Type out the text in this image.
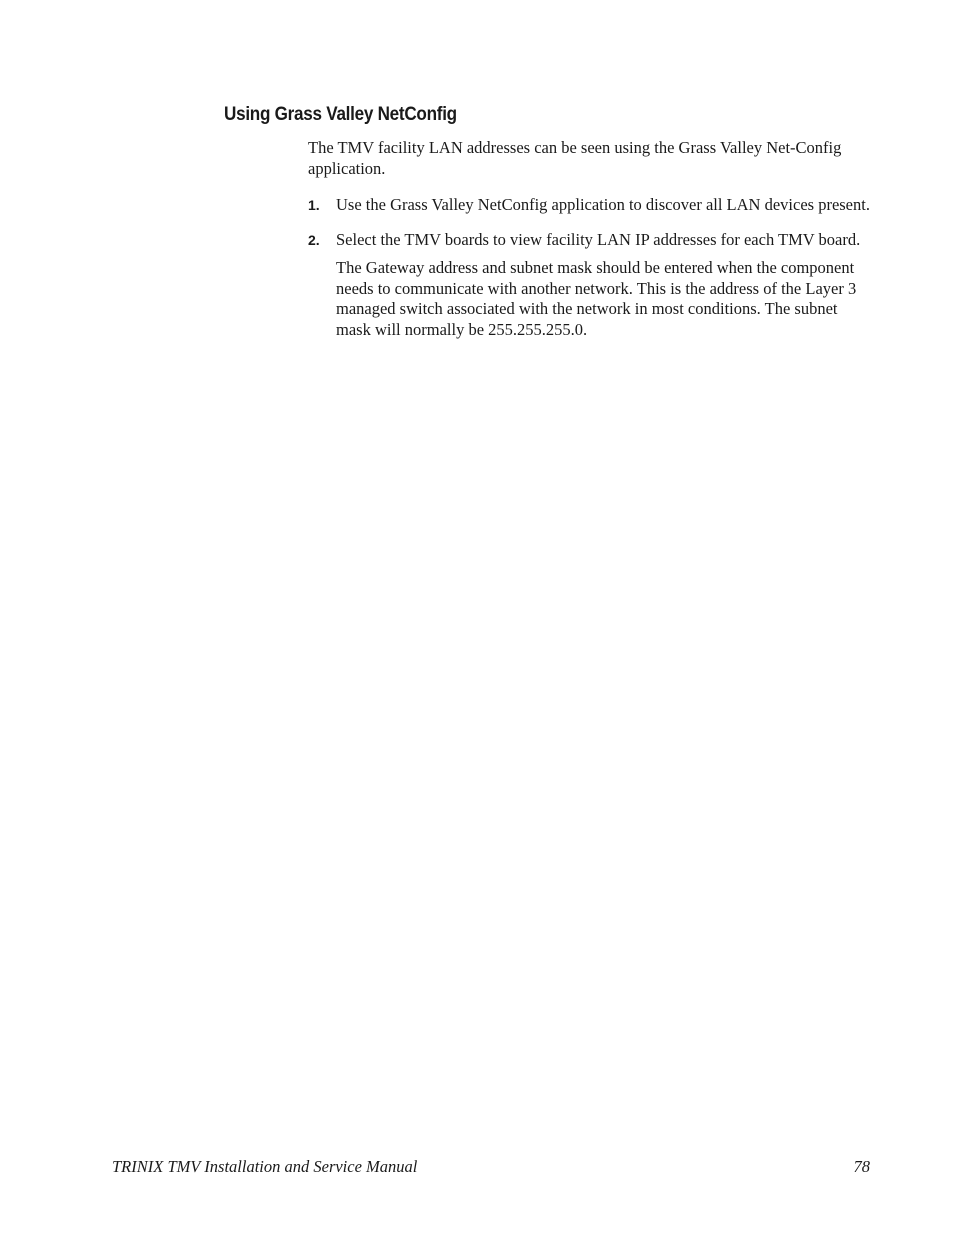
Using Grass Valley NetConfig

The TMV facility LAN addresses can be seen using the Grass Valley Net-Config application.

1. Use the Grass Valley NetConfig application to discover all LAN devices present.
2. Select the TMV boards to view facility LAN IP addresses for each TMV board.

The Gateway address and subnet mask should be entered when the component needs to communicate with another network. This is the address of the Layer 3 managed switch associated with the network in most conditions. The subnet mask will normally be 255.255.255.0.

TRINIX TMV Installation and Service Manual	78
